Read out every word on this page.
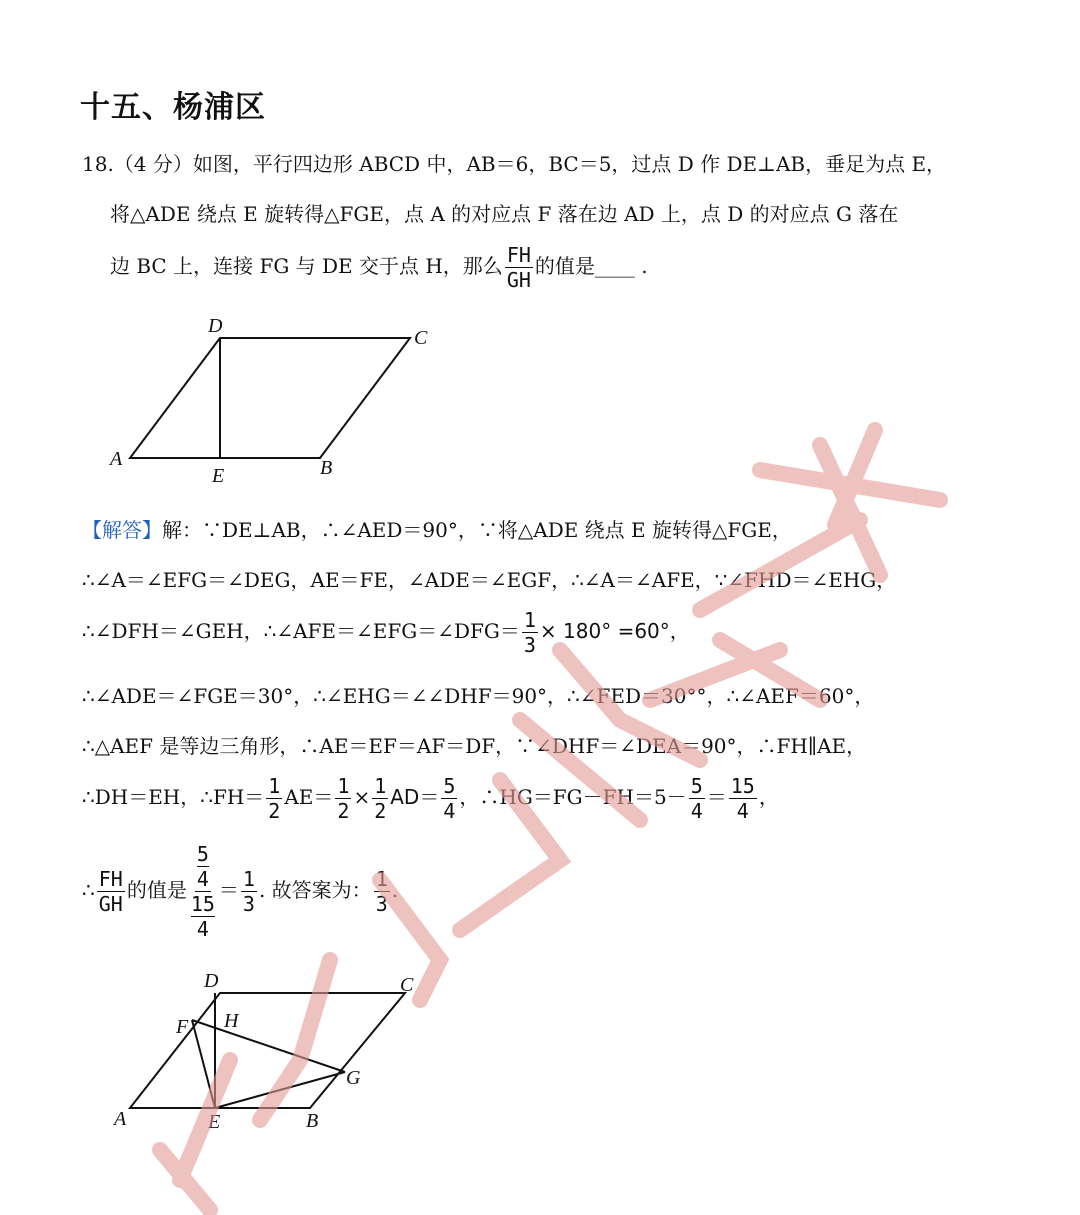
十五、杨浦区
18.（4 分）如图，平行四边形 ABCD 中，AB＝6，BC＝5，过点 D 作 DE⊥AB，垂足为点 E，
将△ADE 绕点 E 旋转得△FGE，点 A 的对应点 F 落在边 AD 上，点 D 的对应点 G 落在
边 BC 上，连接 FG 与 DE 交于点 H，那么 $\frac{FH}{GH}$ 的值是____ .
A	B
C
D
E
【解答】解：∵DE⊥AB，∴∠AED＝90°，∵将△ADE 绕点 E 旋转得△FGE，
∴∠A＝∠EFG＝∠DEG，AE＝FE，∠ADE＝∠EGF，∴∠A＝∠AFE，∵∠FHD＝∠EHG，
∴∠DFH＝∠GEH，∴∠AFE＝∠EFG＝∠DFG＝ $\frac{1}{3} \times 180^\circ =60^\circ$，
∴∠ADE＝∠FGE＝30°，∴∠EHG＝∠∠DHF＝90°，∴∠FED＝30°°，∴∠AEF＝60°，
∴△AEF 是等边三角形，∴AE＝EF＝AF＝DF，∵∠DHF＝∠DEA＝90°，∴FH∥AE，
∴DH＝EH，∴FH＝ $\frac{1}{2} AE= \frac{1}{2} \times \frac{1}{2} AD= \frac{5}{4}$ ，∴HG＝FG－FH＝5－ $\frac{5}{4} = \frac{15}{4}$ ，
∴ $\frac{FH}{GH}$ 的值是 $\frac{\frac{5}{4}}{\frac{15}{4}} = \frac{1}{3}$ . 故答案为： $\frac{1}{3}$ .
A	B
C
D
E
F
G
H
